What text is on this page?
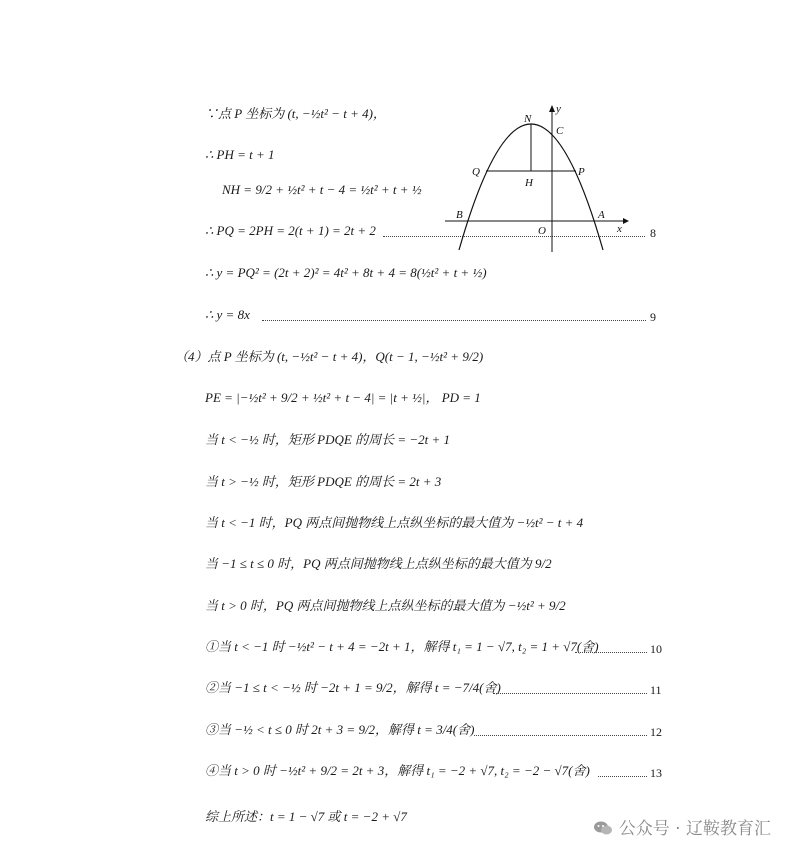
∵点 P 坐标为 (t, −½t² − t + 4)，
∴ PH = t + 1
NH = 9/2 + ½t² + t − 4 = ½t² + t + ½
∴ PQ = 2PH = 2(t + 1) = 2t + 2	8
∴ y = PQ² = (2t + 2)² = 4t² + 8t + 4 = 8(½t² + t + ½)
∴ y = 8x	9
（4）点 P 坐标为 (t, −½t² − t + 4)，Q(t − 1, −½t² + 9/2)
PE = |−½t² + 9/2 + ½t² + t − 4| = |t + ½|， PD = 1
当 t < −½ 时，矩形 PDQE 的周长 = −2t + 1
当 t > −½ 时，矩形 PDQE 的周长 = 2t + 3
当 t < −1 时，PQ 两点间抛物线上点纵坐标的最大值为 −½t² − t + 4
当 −1 ≤ t ≤ 0 时，PQ 两点间抛物线上点纵坐标的最大值为 9/2
当 t > 0 时，PQ 两点间抛物线上点纵坐标的最大值为 −½t² + 9/2
①当 t < −1 时 −½t² − t + 4 = −2t + 1，解得 t₁ = 1 − √7, t₂ = 1 + √7(舍)	10
②当 −1 ≤ t < −½ 时 −2t + 1 = 9/2，解得 t = −7/4(舍)	11
③当 −½ < t ≤ 0 时 2t + 3 = 9/2，解得 t = 3/4(舍)	12
④当 t > 0 时 −½t² + 9/2 = 2t + 3，解得 t₁ = −2 + √7, t₂ = −2 − √7(舍)	13
综上所述：t = 1 − √7 或 t = −2 + √7
y
x
N
C
Q	P
H
B	A
O
公众号 · 辽鞍教育汇
